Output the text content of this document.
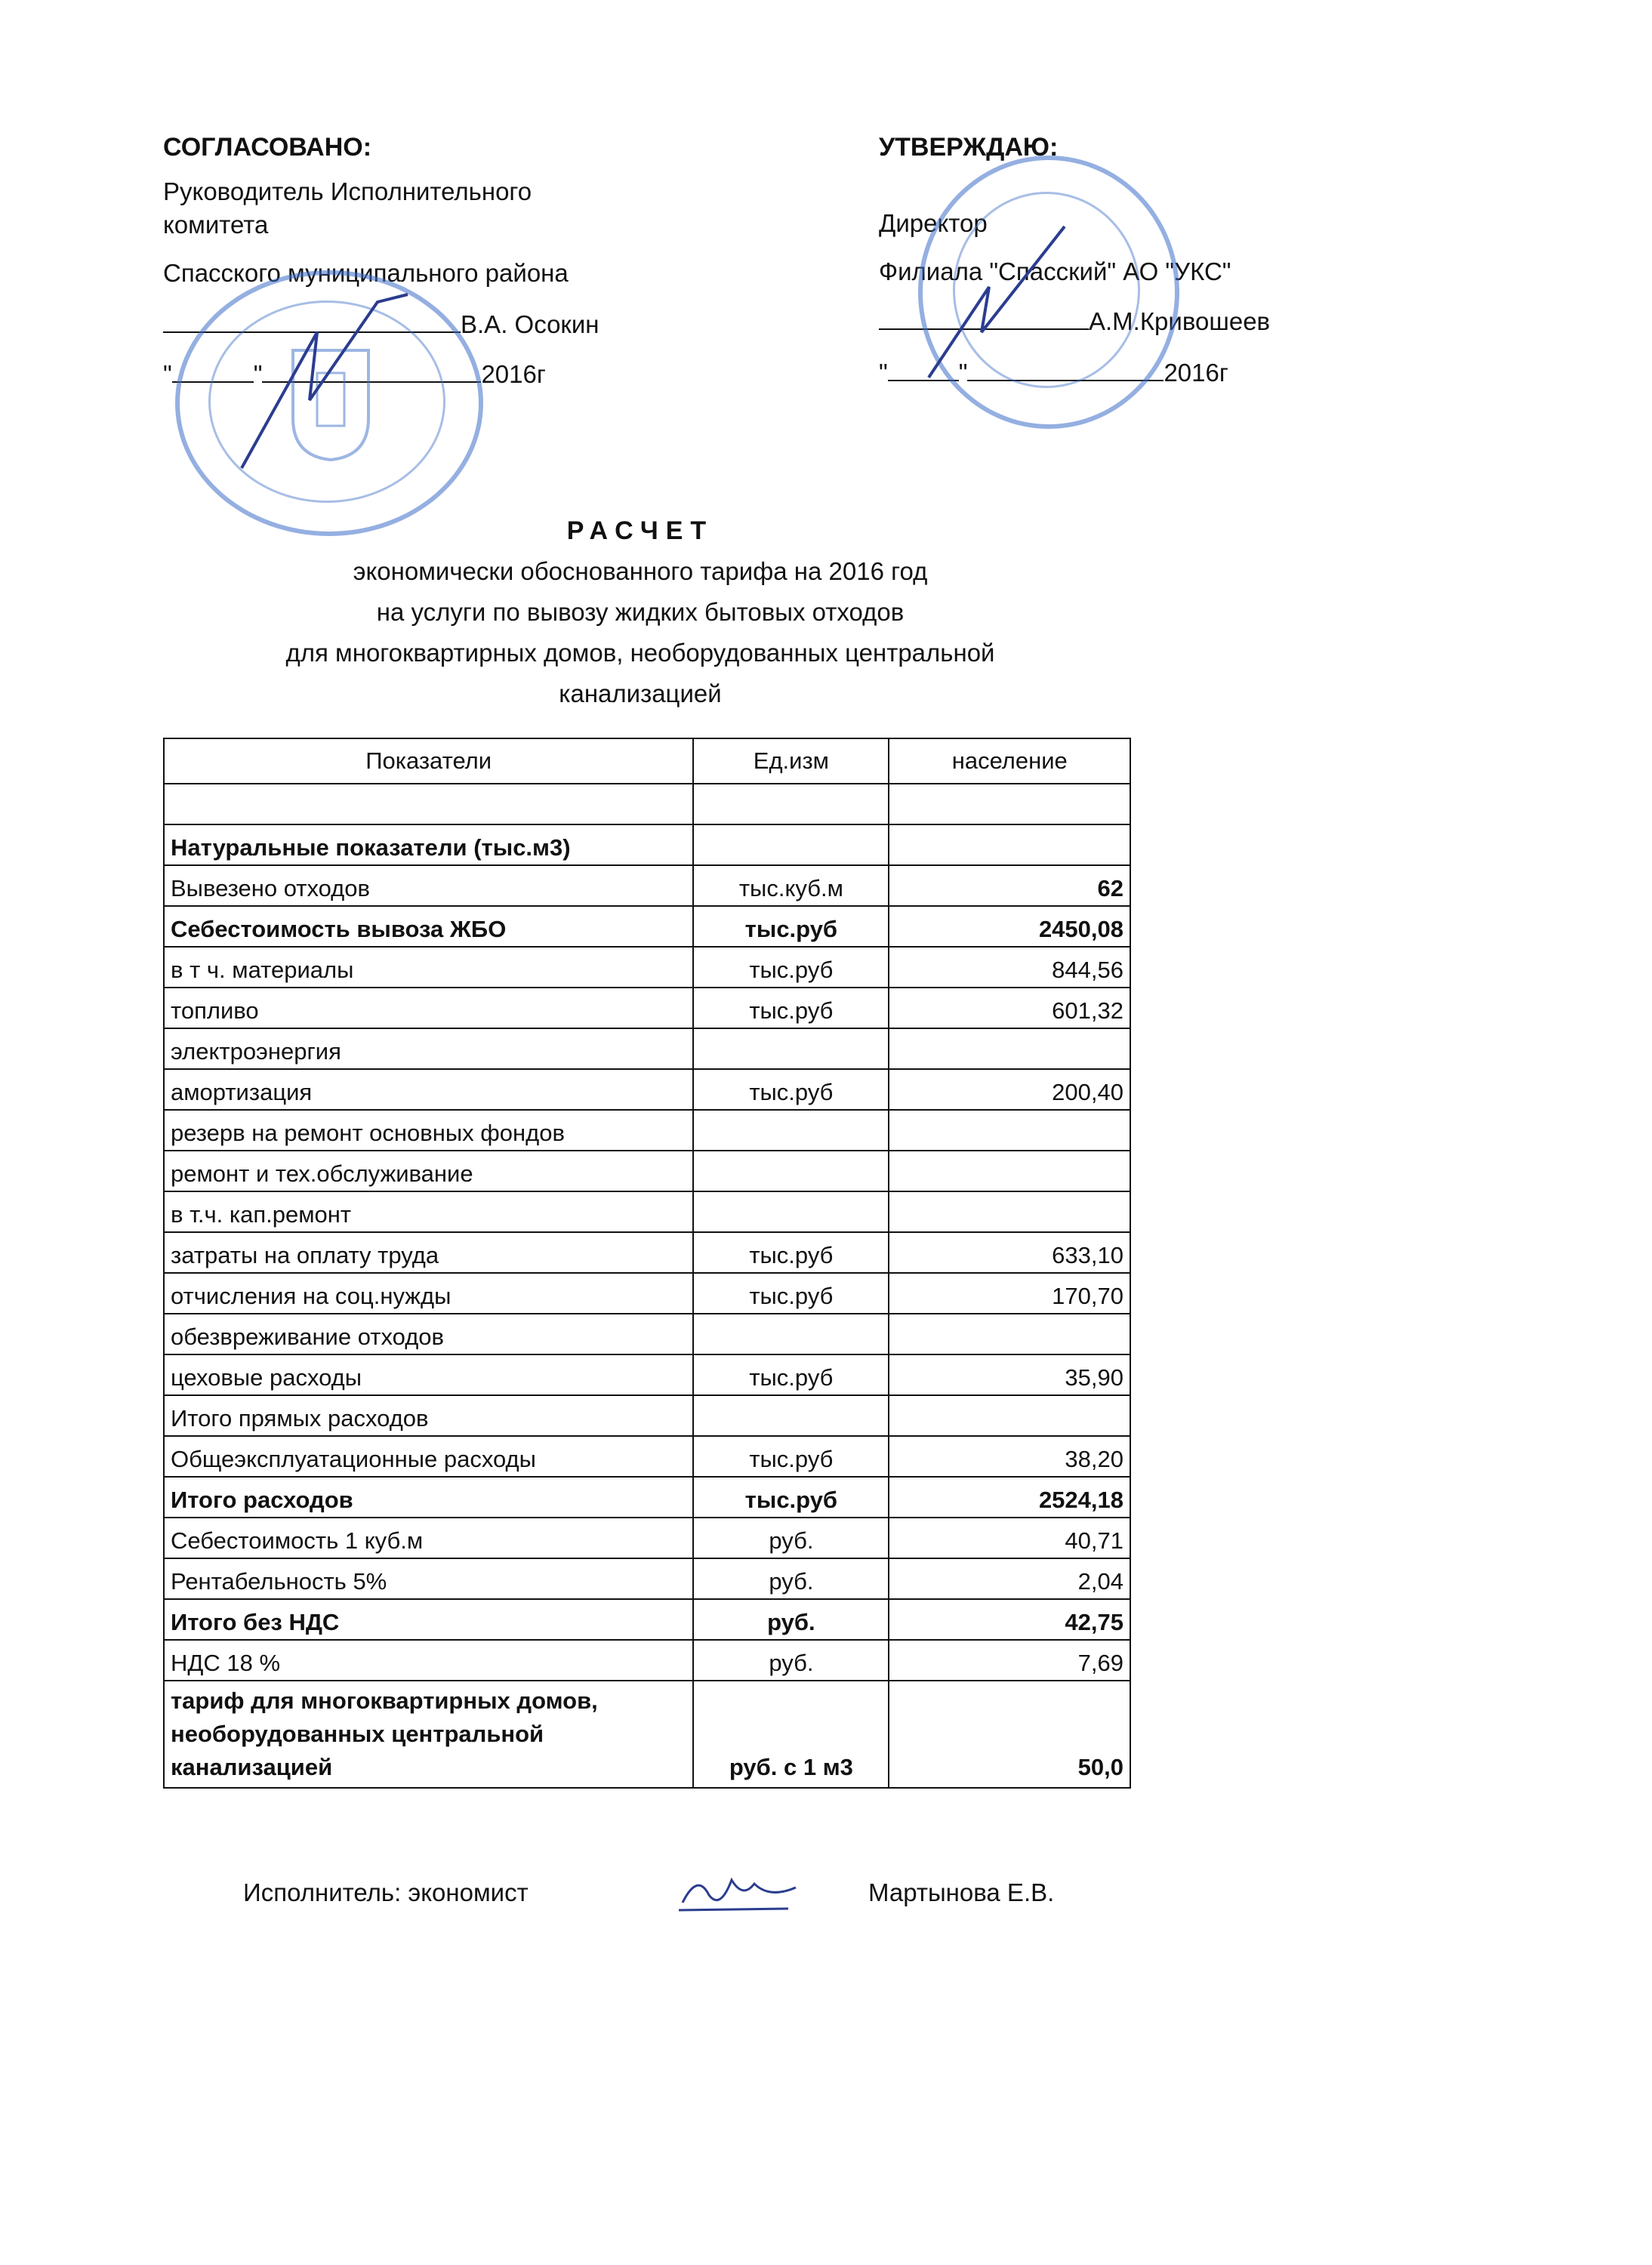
СОГЛАСОВАНО:
Руководитель Исполнительного
комитета
Спасского муниципального района
В.А. Осокин
"	"	2016г
УТВЕРЖДАЮ:
Директор
Филиала "Спасский" АО "УКС"
А.М.Кривошеев
"	"	2016г
РАСЧЕТ
экономически обоснованного тарифа на 2016 год
на услуги по вывозу жидких бытовых отходов
для многоквартирных домов, необорудованных центральной
канализацией
Показатели	Ед.изм	население

Натуральные показатели (тыс.м3)		
Вывезено отходов	тыс.куб.м	62
Себестоимость вывоза ЖБО	тыс.руб	2450,08
в т ч. материалы	тыс.руб	844,56
топливо	тыс.руб	601,32
электроэнергия		
амортизация	тыс.руб	200,40
резерв на ремонт основных фондов		
ремонт и тех.обслуживание		
в т.ч. кап.ремонт		
затраты на оплату труда	тыс.руб	633,10
отчисления на соц.нужды	тыс.руб	170,70
обезвреживание отходов		
цеховые расходы	тыс.руб	35,90
Итого прямых расходов		
Общеэксплуатационные расходы	тыс.руб	38,20
Итого расходов	тыс.руб	2524,18
Себестоимость 1 куб.м	руб.	40,71
Рентабельность 5%	руб.	2,04
Итого без НДС	руб.	42,75
НДС 18 %	руб.	7,69

тариф для многоквартирных домов,
необорудованных центральной
канализацией	руб. с 1 м3	50,0
Исполнитель: экономист	Мартынова Е.В.
